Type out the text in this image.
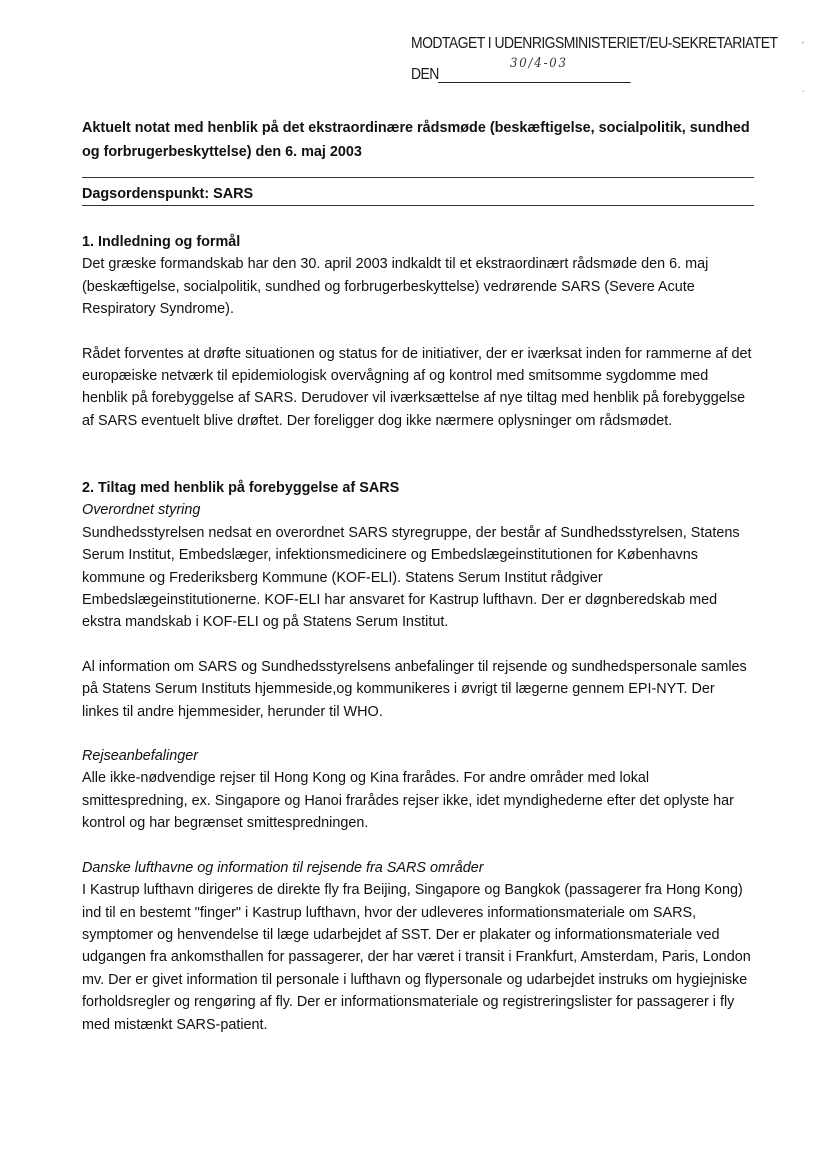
MODTAGET I UDENRIGSMINISTERIET/EU-SEKRETARIATET
DEN
30/4-03
′
ˎ
Aktuelt notat med henblik på det ekstraordinære rådsmøde (beskæftigelse, socialpolitik, sundhed og forbrugerbeskyttelse) den 6. maj 2003
Dagsordenspunkt: SARS

1. Indledning og formål

Det græske formandskab har den 30. april 2003 indkaldt til et ekstraordinært rådsmøde den 6. maj (beskæftigelse, socialpolitik, sundhed og forbrugerbeskyttelse) vedrørende SARS (Severe Acute Respiratory Syndrome).

Rådet forventes at drøfte situationen og status for de initiativer, der er iværksat inden for rammerne af det europæiske netværk til epidemiologisk overvågning af og kontrol med smitsomme sygdomme med henblik på forebyggelse af SARS. Derudover vil iværksættelse af nye tiltag med henblik på forebyggelse af SARS eventuelt blive drøftet. Der foreligger dog ikke nærmere oplysninger om rådsmødet.

2. Tiltag med henblik på forebyggelse af SARS

Overordnet styring

Sundhedsstyrelsen nedsat en overordnet SARS styregruppe, der består af Sundhedsstyrelsen, Statens Serum Institut, Embedslæger, infektionsmedicinere og Embedslægeinstitutionen for Københavns kommune og Frederiksberg Kommune (KOF-ELI). Statens Serum Institut rådgiver Embedslægeinstitutionerne. KOF-ELI har ansvaret for Kastrup lufthavn. Der er døgnberedskab med ekstra mandskab i KOF-ELI og på Statens Serum Institut.

Al information om SARS og Sundhedsstyrelsens anbefalinger til rejsende og sundhedspersonale samles på Statens Serum Instituts hjemmeside,og kommunikeres i øvrigt til lægerne gennem EPI-NYT. Der linkes til andre hjemmesider, herunder til WHO.

Rejseanbefalinger

Alle ikke-nødvendige rejser til Hong Kong og Kina frarådes. For andre områder med lokal smittespredning, ex. Singapore og Hanoi frarådes rejser ikke, idet myndighederne efter det oplyste har kontrol og har begrænset smittespredningen.

Danske lufthavne og information til rejsende fra SARS områder

I Kastrup lufthavn dirigeres de direkte fly fra Beijing, Singapore og Bangkok (passagerer fra Hong Kong) ind til en bestemt "finger" i Kastrup lufthavn, hvor der udleveres informationsmateriale om SARS, symptomer og henvendelse til læge udarbejdet af SST. Der er plakater og informationsmateriale ved udgangen fra ankomsthallen for passagerer, der har været i transit i Frankfurt, Amsterdam, Paris, London mv. Der er givet information til personale i lufthavn og flypersonale og udarbejdet instruks om hygiejniske forholdsregler og rengøring af fly. Der er informationsmateriale og registreringslister for passagerer i fly med mistænkt SARS-patient.
